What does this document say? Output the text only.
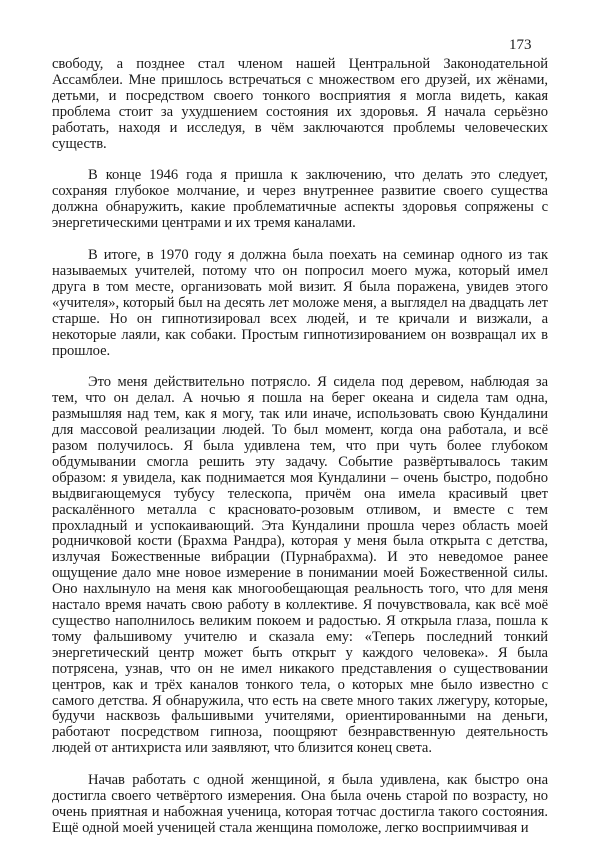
173

свободу, а позднее стал членом нашей Центральной Законодательной Ассамблеи. Мне пришлось встречаться с множеством его друзей, их жёнами, детьми, и посредством своего тонкого восприятия я могла видеть, какая проблема стоит за ухудшением состояния их здоровья. Я начала серьёзно работать, находя и исследуя, в чём заключаются проблемы человеческих существ.

В конце 1946 года я пришла к заключению, что делать это следует, сохраняя глубокое молчание, и через внутреннее развитие своего существа должна обнаружить, какие проблематичные аспекты здоровья сопряжены с энергетическими центрами и их тремя каналами.

В итоге, в 1970 году я должна была поехать на семинар одного из так называемых учителей, потому что он попросил моего мужа, который имел друга в том месте, организовать мой визит. Я была поражена, увидев этого «учителя», который был на десять лет моложе меня, а выглядел на двадцать лет старше. Но он гипнотизировал всех людей, и те кричали и визжали, а некоторые лаяли, как собаки. Простым гипнотизированием он возвращал их в прошлое.

Это меня действительно потрясло. Я сидела под деревом, наблюдая за тем, что он делал. А ночью я пошла на берег океана и сидела там одна, размышляя над тем, как я могу, так или иначе, использовать свою Кундалини для массовой реализации людей. То был момент, когда она работала, и всё разом получилось. Я была удивлена тем, что при чуть более глубоком обдумывании смогла решить эту задачу. Событие развёртывалось таким образом: я увидела, как поднимается моя Кундалини – очень быстро, подобно выдвигающемуся тубусу телескопа, причём она имела красивый цвет раскалённого металла с красновато-розовым отливом, и вместе с тем прохладный и успокаивающий. Эта Кундалини прошла через область моей родничковой кости (Брахма Рандра), которая у меня была открыта с детства, излучая Божественные вибрации (Пурнабрахма). И это неведомое ранее ощущение дало мне новое измерение в понимании моей Божественной силы. Оно нахлынуло на меня как многообещающая реальность того, что для меня настало время начать свою работу в коллективе. Я почувствовала, как всё моё существо наполнилось великим покоем и радостью. Я открыла глаза, пошла к тому фальшивому учителю и сказала ему: «Теперь последний тонкий энергетический центр может быть открыт у каждого человека». Я была потрясена, узнав, что он не имел никакого представления о существовании центров, как и трёх каналов тонкого тела, о которых мне было известно с самого детства. Я обнаружила, что есть на свете много таких лжегуру, которые, будучи насквозь фальшивыми учителями, ориентированными на деньги, работают посредством гипноза, поощряют безнравственную деятельность людей от антихриста или заявляют, что близится конец света.

Начав работать с одной женщиной, я была удивлена, как быстро она достигла своего четвёртого измерения. Она была очень старой по возрасту, но очень приятная и набожная ученица, которая тотчас достигла такого состояния. Ещё одной моей ученицей стала женщина помоложе, легко восприимчивая и
